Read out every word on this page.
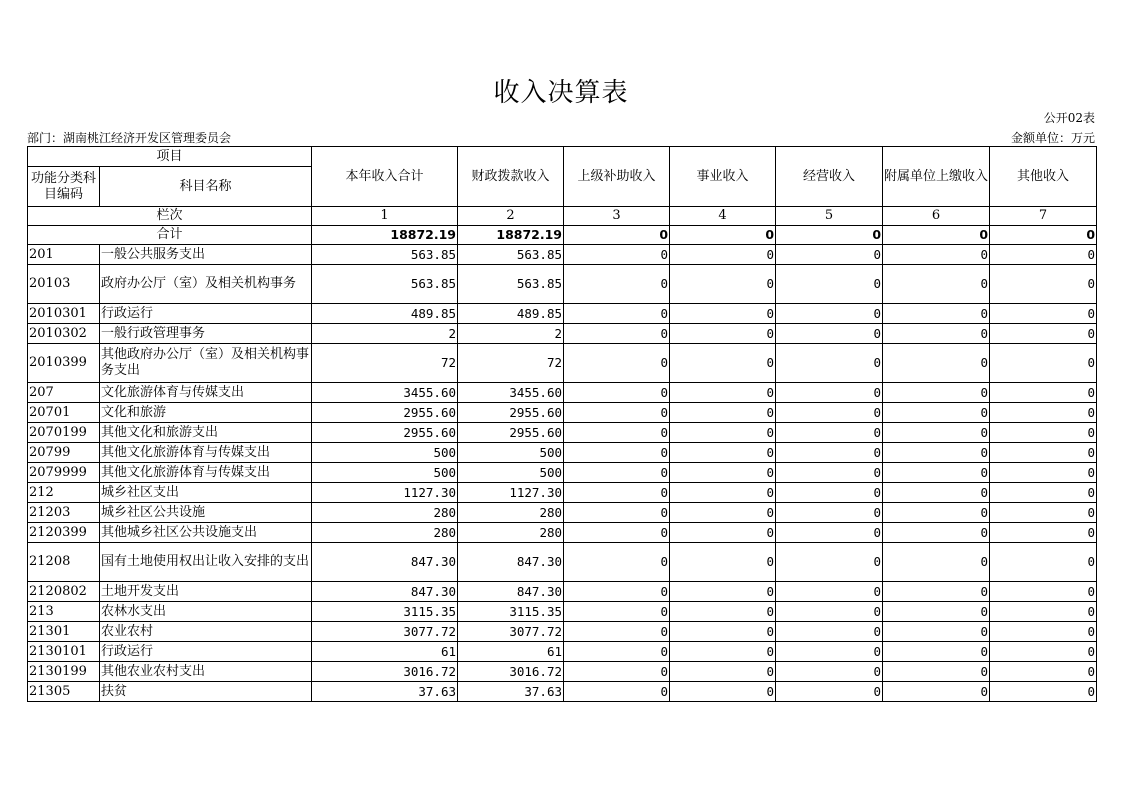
收入决算表
公开02表
部门：湖南桃江经济开发区管理委员会	金额单位：万元
项目		本年收入合计	财政拨款收入	上级补助收入	事业收入	经营收入	附属单位上缴收入	其他收入
功能分类科目编码	科目名称							
栏次		1	2	3	4	5	6	7
合计		18872.19	18872.19	0	0	0	0	0
201	一般公共服务支出	563.85	563.85	0	0	0	0	0
20103	政府办公厅（室）及相关机构事务	563.85	563.85	0	0	0	0	0
2010301	行政运行	489.85	489.85	0	0	0	0	0
2010302	一般行政管理事务	2	2	0	0	0	0	0
2010399	其他政府办公厅（室）及相关机构事务支出	72	72	0	0	0	0	0
207	文化旅游体育与传媒支出	3455.60	3455.60	0	0	0	0	0
20701	文化和旅游	2955.60	2955.60	0	0	0	0	0
2070199	其他文化和旅游支出	2955.60	2955.60	0	0	0	0	0
20799	其他文化旅游体育与传媒支出	500	500	0	0	0	0	0
2079999	其他文化旅游体育与传媒支出	500	500	0	0	0	0	0
212	城乡社区支出	1127.30	1127.30	0	0	0	0	0
21203	城乡社区公共设施	280	280	0	0	0	0	0
2120399	其他城乡社区公共设施支出	280	280	0	0	0	0	0
21208	国有土地使用权出让收入安排的支出	847.30	847.30	0	0	0	0	0
2120802	土地开发支出	847.30	847.30	0	0	0	0	0
213	农林水支出	3115.35	3115.35	0	0	0	0	0
21301	农业农村	3077.72	3077.72	0	0	0	0	0
2130101	行政运行	61	61	0	0	0	0	0
2130199	其他农业农村支出	3016.72	3016.72	0	0	0	0	0
21305	扶贫	37.63	37.63	0	0	0	0	0
